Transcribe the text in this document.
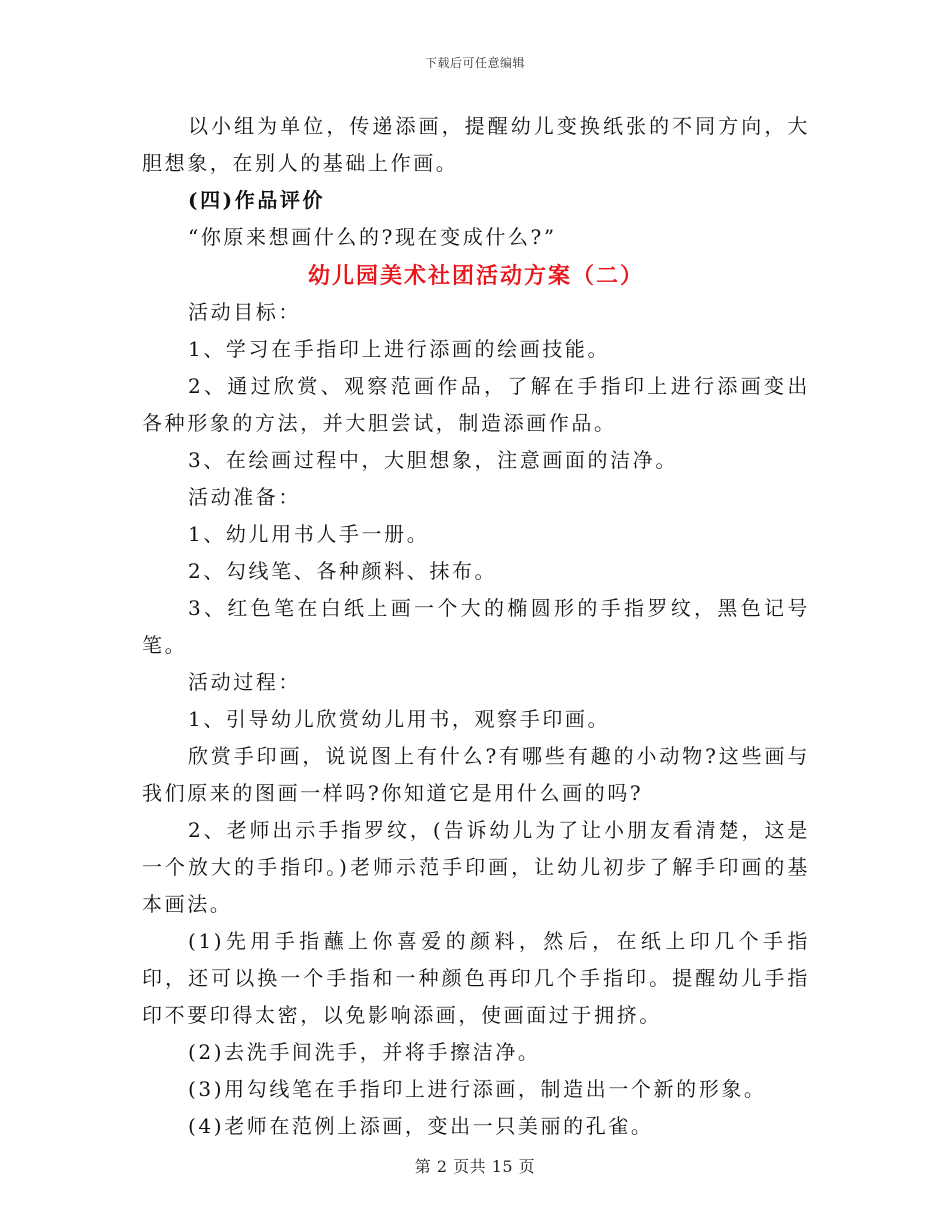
下载后可任意编辑

以小组为单位，传递添画，提醒幼儿变换纸张的不同方向，大胆想象，在别人的基础上作画。

(四)作品评价

“你原来想画什么的?现在变成什么?”

幼儿园美术社团活动方案（二）

活动目标：

1、学习在手指印上进行添画的绘画技能。

2、通过欣赏、观察范画作品，了解在手指印上进行添画变出各种形象的方法，并大胆尝试，制造添画作品。

3、在绘画过程中，大胆想象，注意画面的洁净。

活动准备：

1、幼儿用书人手一册。

2、勾线笔、各种颜料、抹布。

3、红色笔在白纸上画一个大的椭圆形的手指罗纹，黑色记号笔。

活动过程：

1、引导幼儿欣赏幼儿用书，观察手印画。

欣赏手印画，说说图上有什么?有哪些有趣的小动物?这些画与我们原来的图画一样吗?你知道它是用什么画的吗?

2、老师出示手指罗纹，(告诉幼儿为了让小朋友看清楚，这是一个放大的手指印。)老师示范手印画，让幼儿初步了解手印画的基本画法。

(1)先用手指蘸上你喜爱的颜料，然后，在纸上印几个手指印，还可以换一个手指和一种颜色再印几个手指印。提醒幼儿手指印不要印得太密，以免影响添画，使画面过于拥挤。

(2)去洗手间洗手，并将手擦洁净。

(3)用勾线笔在手指印上进行添画，制造出一个新的形象。

(4)老师在范例上添画，变出一只美丽的孔雀。

第 2 页共 15 页
